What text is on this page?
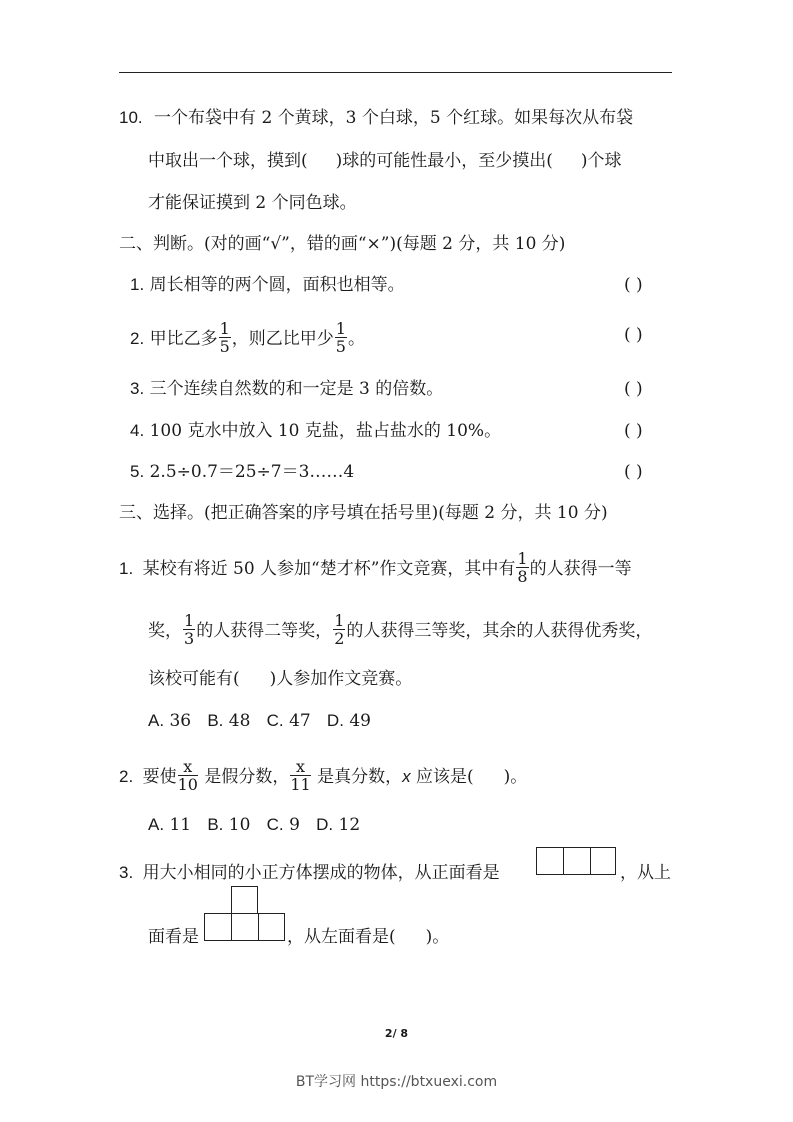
10. 一个布袋中有 2 个黄球，3 个白球，5 个红球。如果每次从布袋
中取出一个球，摸到( )球的可能性最小，至少摸出( )个球
才能保证摸到 2 个同色球。
二、判断。(对的画“√”，错的画“×”)(每题 2 分，共 10 分)
1. 周长相等的两个圆，面积也相等。	( )
2. 甲比乙多 $\frac{1}{5}$ ，则乙比甲少 $\frac{1}{5}$ 。	( )
3. 三个连续自然数的和一定是 3 的倍数。	( )
4. 100 克水中放入 10 克盐，盐占盐水的 10%。	( )
5. 2.5÷0.7＝25÷7＝3……4	( )
三、选择。(把正确答案的序号填在括号里)(每题 2 分，共 10 分)
1. 某校有将近 50 人参加“楚才杯”作文竞赛，其中有 $\frac{1}{8}$ 的人获得一等
奖， $\frac{1}{3}$ 的人获得二等奖， $\frac{1}{2}$ 的人获得三等奖，其余的人获得优秀奖，
该校可能有( )人参加作文竞赛。
A. 36 B. 48 C. 47 D. 49
2. 要使 $\frac{x}{10}$ 是假分数， $\frac{x}{11}$ 是真分数，x 应该是( )。
A. 11 B. 10 C. 9 D. 12
3. 用大小相同的小正方体摆成的物体，从正面看是	，从上
面看是	，从左面看是( )。
2/ 8
BT学习网 https://btxuexi.com
